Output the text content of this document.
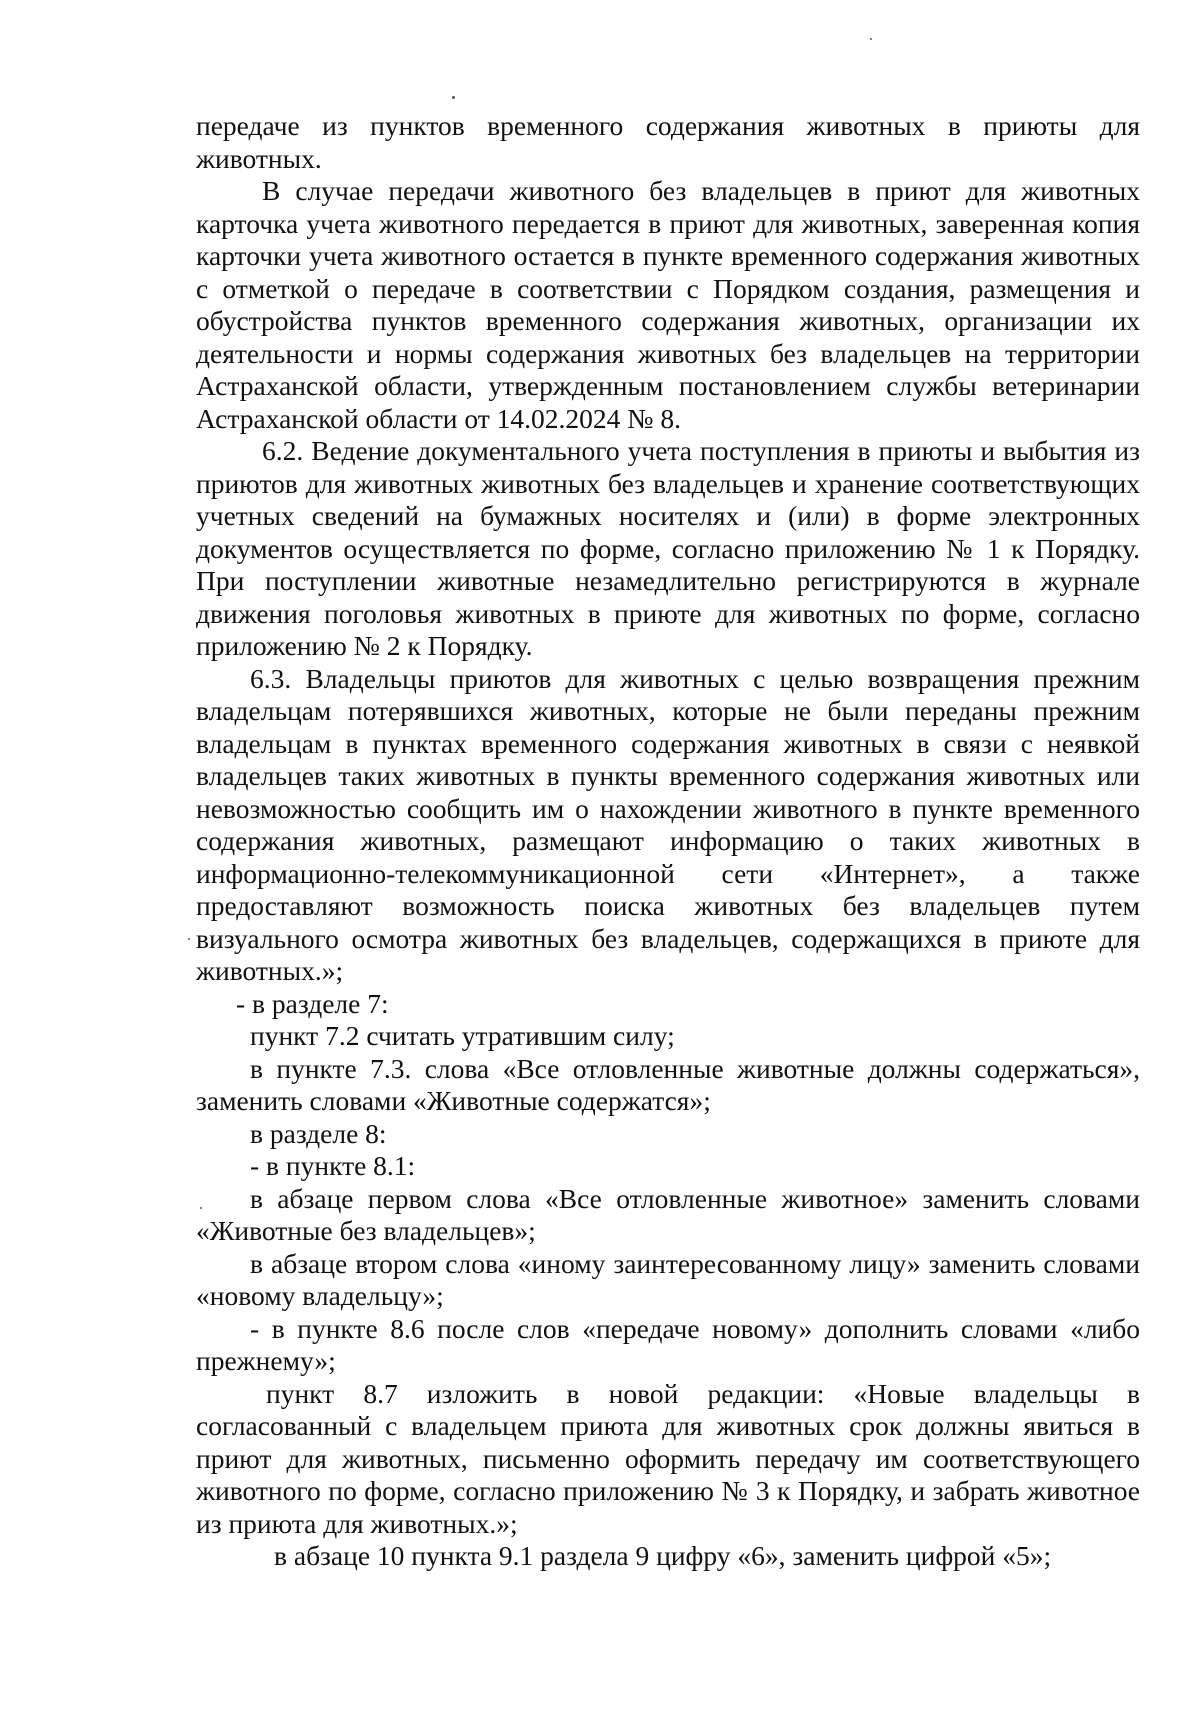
передаче из пунктов временного содержания животных в приюты для животных.

В случае передачи животного без владельцев в приют для животных карточка учета животного передается в приют для животных, заверенная копия карточки учета животного остается в пункте временного содержания животных с отметкой о передаче в соответствии с Порядком создания, размещения и обустройства пунктов временного содержания животных, организации их деятельности и нормы содержания животных без владельцев на территории Астраханской области, утвержденным постановлением службы ветеринарии Астраханской области от 14.02.2024 № 8.

6.2. Ведение документального учета поступления в приюты и выбытия из приютов для животных животных без владельцев и хранение соответствующих учетных сведений на бумажных носителях и (или) в форме электронных документов осуществляется по форме, согласно приложению № 1 к Порядку. При поступлении животные незамедлительно регистрируются в журнале движения поголовья животных в приюте для животных по форме, согласно приложению № 2 к Порядку.

6.3. Владельцы приютов для животных с целью возвращения прежним владельцам потерявшихся животных, которые не были переданы прежним владельцам в пунктах временного содержания животных в связи с неявкой владельцев таких животных в пункты временного содержания животных или невозможностью сообщить им о нахождении животного в пункте временного содержания животных, размещают информацию о таких животных в информационно-телекоммуникационной сети «Интернет», а также предоставляют возможность поиска животных без владельцев путем визуального осмотра животных без владельцев, содержащихся в приюте для животных.»;

- в разделе 7:

пункт 7.2 считать утратившим силу;

в пункте 7.3. слова «Все отловленные животные должны содержаться», заменить словами «Животные содержатся»;

в разделе 8:

- в пункте 8.1:

в абзаце первом слова «Все отловленные животное» заменить словами «Животные без владельцев»;

в абзаце втором слова «иному заинтересованному лицу» заменить словами «новому владельцу»;

- в пункте 8.6 после слов «передаче новому» дополнить словами «либо прежнему»;

пункт 8.7 изложить в новой редакции: «Новые владельцы в согласованный с владельцем приюта для животных срок должны явиться в приют для животных, письменно оформить передачу им соответствующего животного по форме, согласно приложению № 3 к Порядку, и забрать животное из приюта для животных.»;

в абзаце 10 пункта 9.1 раздела 9 цифру «6», заменить цифрой «5»;
